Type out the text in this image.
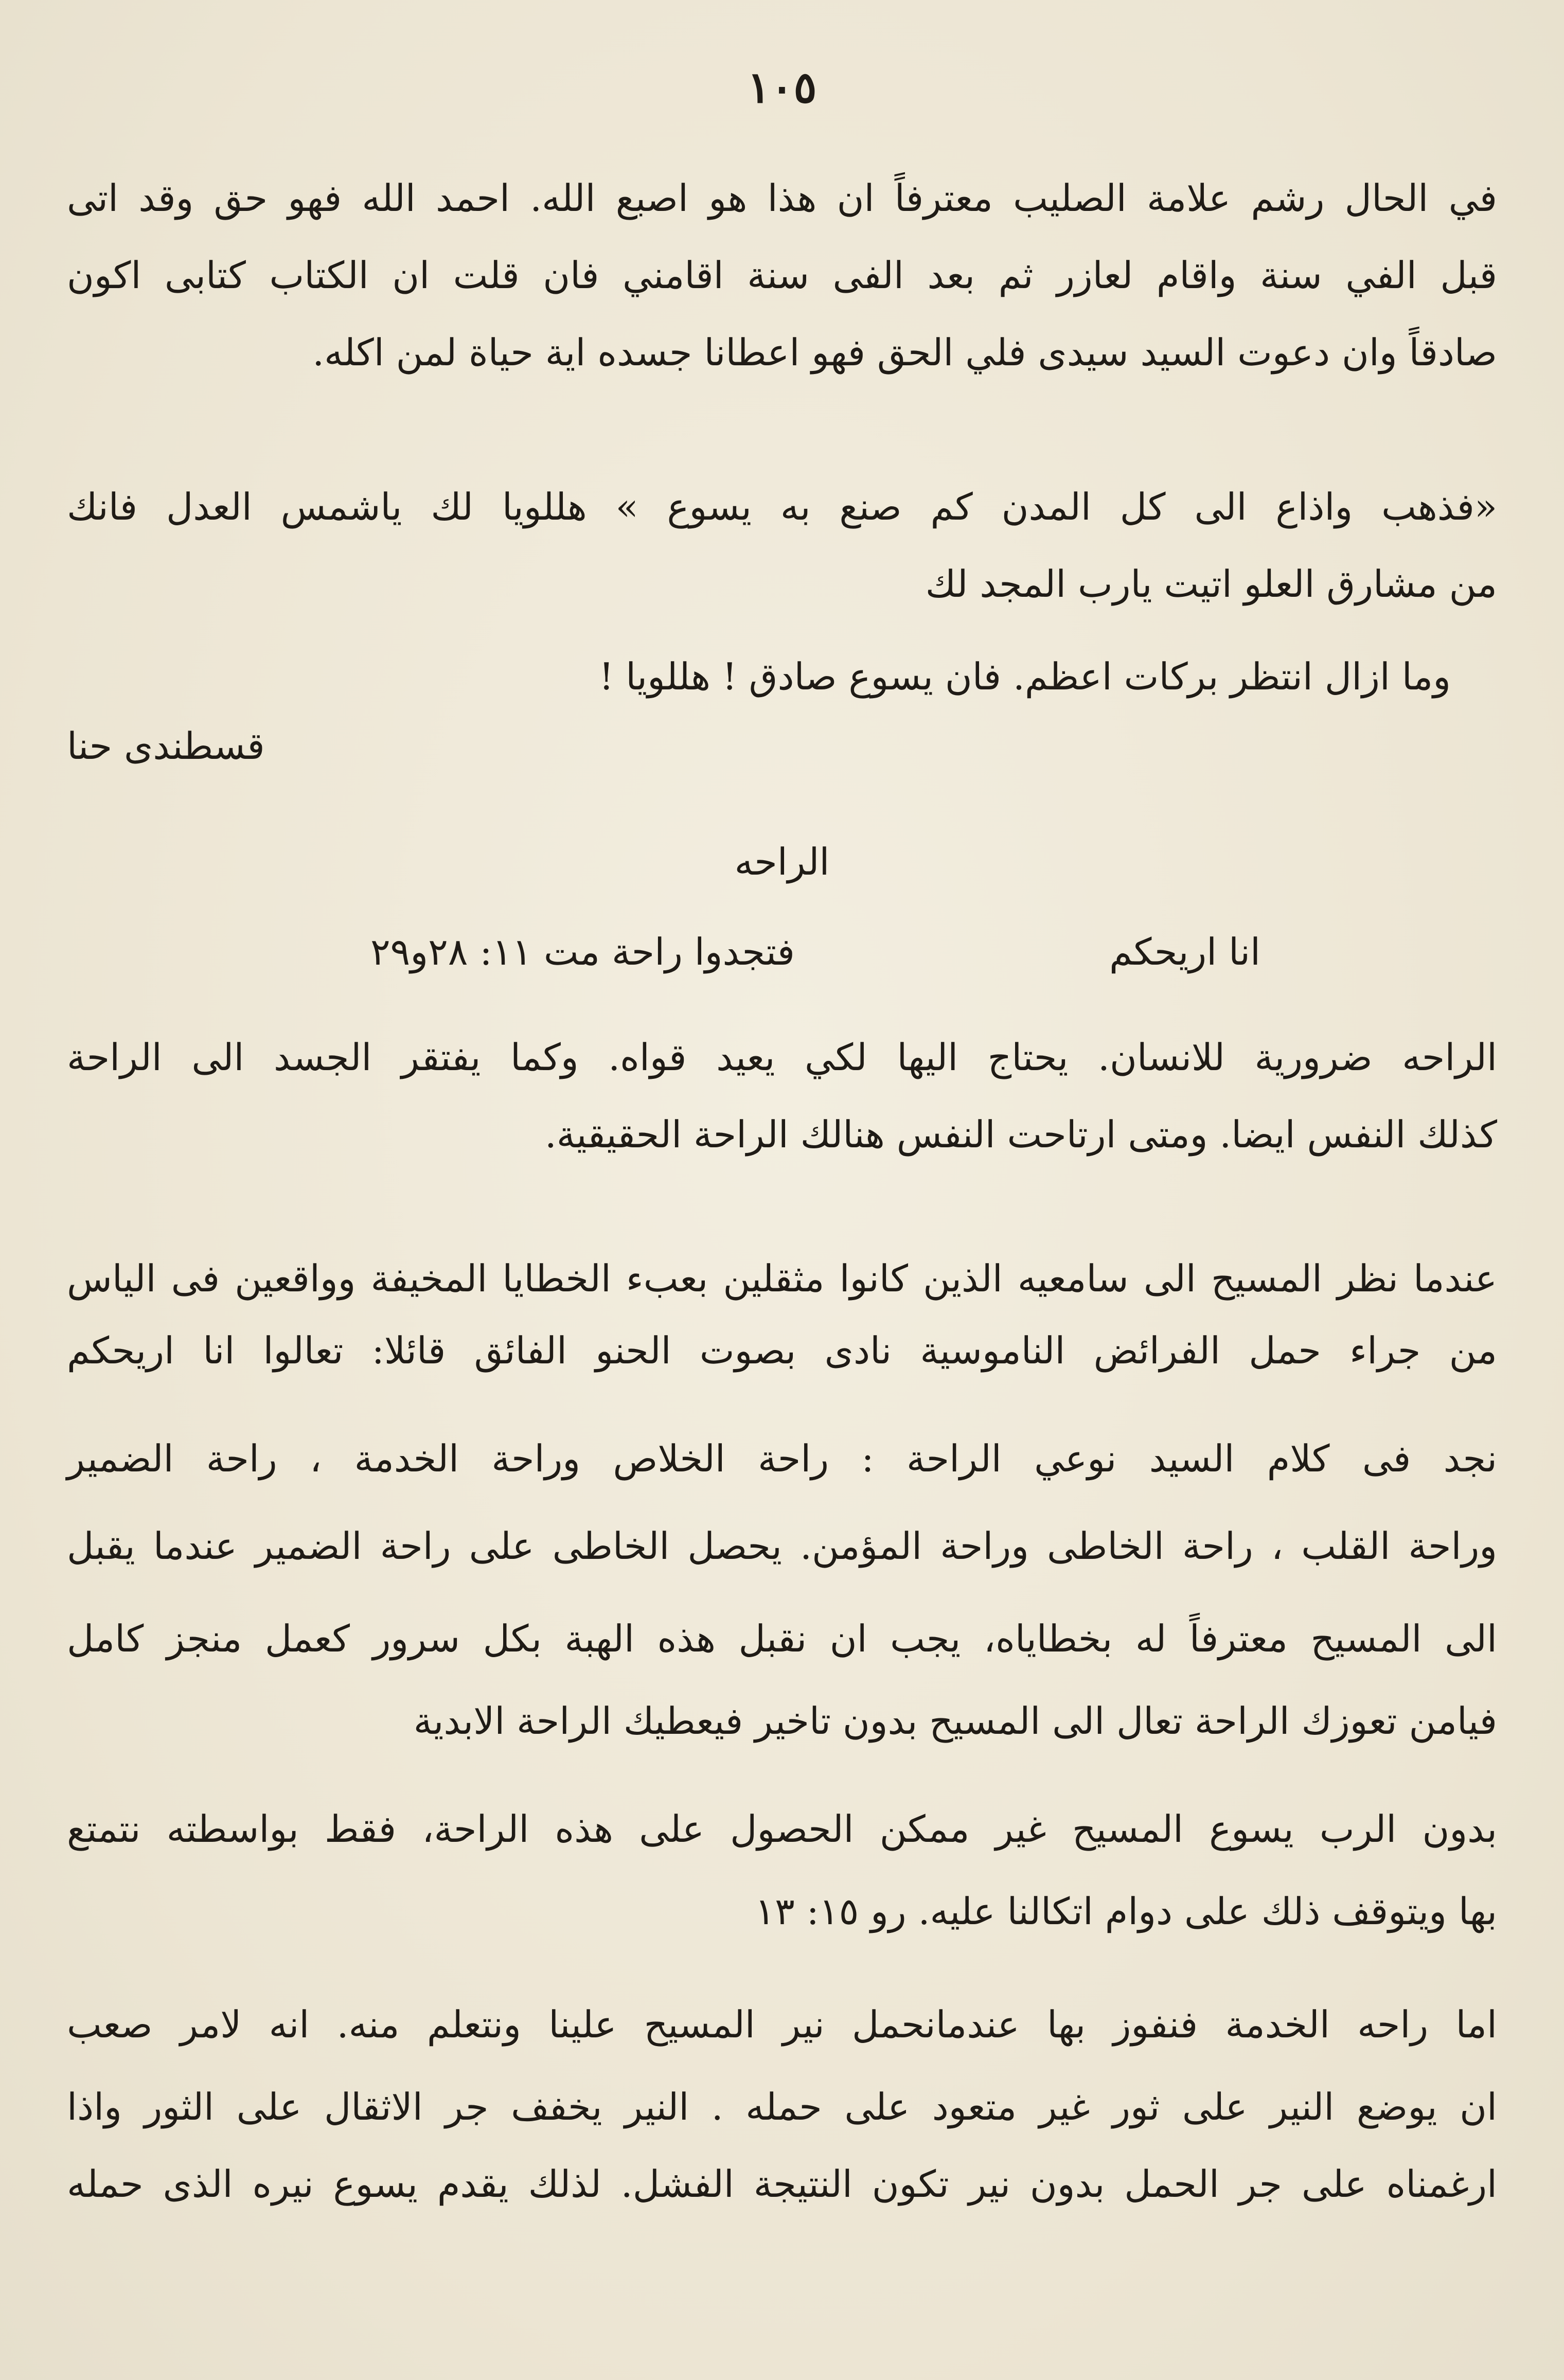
١٠٥
في الحال رشم علامة الصليب معترفاً ان هذا هو اصبع الله. احمد الله فهو حق وقد اتى
قبل الفي سنة واقام لعازر ثم بعد الفى سنة اقامني فان قلت ان الكتاب كتابى اكون
صادقاً وان دعوت السيد سيدى فلي الحق فهو اعطانا جسده اية حياة لمن اكله.
«فذهب واذاع الى كل المدن كم صنع به يسوع » هللويا لك ياشمس العدل فانك
من مشارق العلو اتيت يارب المجد لك
وما ازال انتظر بركات اعظم. فان يسوع صادق ! هللويا !
قسطندى حنا
الراحه
انا اريحكم
فتجدوا راحة مت ١١: ٢٨و٢٩
الراحه ضرورية للانسان. يحتاج اليها لكي يعيد قواه. وكما يفتقر الجسد الى الراحة
كذلك النفس ايضا. ومتى ارتاحت النفس هنالك الراحة الحقيقية.
عندما نظر المسيح الى سامعيه الذين كانوا مثقلين بعبء الخطايا المخيفة وواقعين فى الياس
من جراء حمل الفرائض الناموسية نادى بصوت الحنو الفائق قائلا: تعالوا انا اريحكم
نجد فى كلام السيد نوعي الراحة : راحة الخلاص وراحة الخدمة ، راحة الضمير
وراحة القلب ، راحة الخاطى وراحة المؤمن. يحصل الخاطى على راحة الضمير عندما يقبل
الى المسيح معترفاً له بخطاياه، يجب ان نقبل هذه الهبة بكل سرور كعمل منجز كامل
فيامن تعوزك الراحة تعال الى المسيح بدون تاخير فيعطيك الراحة الابدية
بدون الرب يسوع المسيح غير ممكن الحصول على هذه الراحة، فقط بواسطته نتمتع
بها ويتوقف ذلك على دوام اتكالنا عليه. رو ١٥: ١٣
اما راحه الخدمة فنفوز بها عندمانحمل نير المسيح علينا ونتعلم منه. انه لامر صعب
ان يوضع النير على ثور غير متعود على حمله . النير يخفف جر الاثقال على الثور واذا
ارغمناه على جر الحمل بدون نير تكون النتيجة الفشل. لذلك يقدم يسوع نيره الذى حمله
